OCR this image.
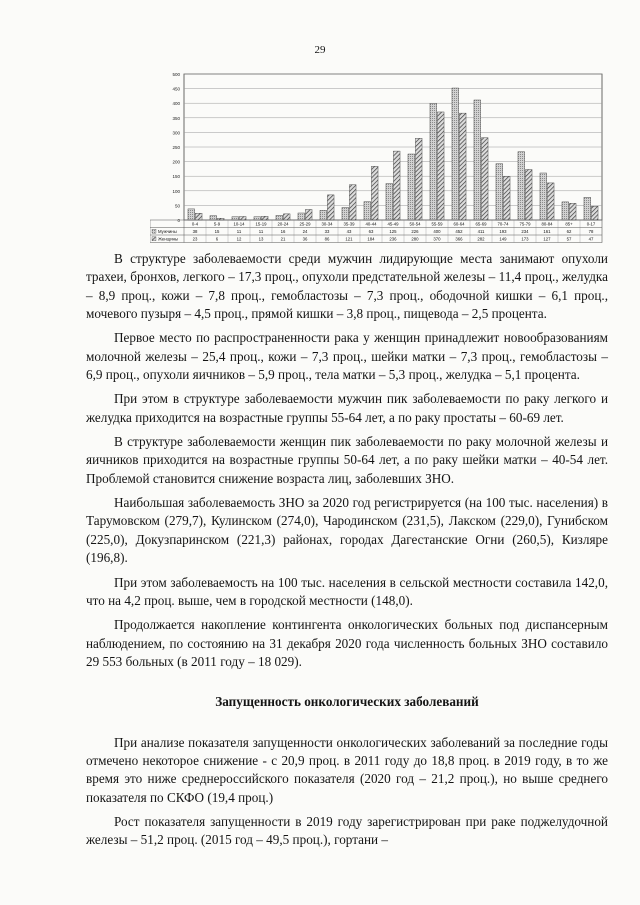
29
500
450
400
350
300
250
200
150
100
50
0
0-4
38
23
5-9
15
6
10-14
11
12
15-19
11
13
20-24
16
21
25-29
24
36
30-34
33
86
35-39
43
121
40-44
63
184
45-49
125
236
50-54
226
280
55-59
400
370
60-64
452
366
65-69
411
282
70-74
193
149
75-79
234
173
80-84
161
127
85+
62
57
0-17
78
47
Мужчины
Женщины

В структуре заболеваемости среди мужчин лидирующие места занимают опухоли трахеи, бронхов, легкого – 17,3 проц., опухоли предстательной железы – 11,4 проц., желудка – 8,9 проц., кожи – 7,8 проц., гемобластозы – 7,3 проц., ободочной кишки – 6,1 проц., мочевого пузыря – 4,5 проц., прямой кишки – 3,8 проц., пищевода – 2,5 процента.

Первое место по распространенности рака у женщин принадлежит новообразованиям молочной железы – 25,4 проц., кожи – 7,3 проц., шейки матки – 7,3 проц., гемобластозы – 6,9 проц., опухоли яичников – 5,9 проц., тела матки – 5,3 проц., желудка – 5,1 процента.

При этом в структуре заболеваемости мужчин пик заболеваемости по раку легкого и желудка приходится на возрастные группы 55-64 лет, а по раку простаты – 60-69 лет.

В структуре заболеваемости женщин пик заболеваемости по раку молочной железы и яичников приходится на возрастные группы 50-64 лет, а по раку шейки матки – 40-54 лет. Проблемой становится снижение возраста лиц, заболевших ЗНО.

Наибольшая заболеваемость ЗНО за 2020 год регистрируется (на 100 тыс. населения) в Тарумовском (279,7), Кулинском (274,0), Чародинском (231,5), Лакском (229,0), Гунибском (225,0), Докузпаринском (221,3) районах, городах Дагестанские Огни (260,5), Кизляре (196,8).

При этом заболеваемость на 100 тыс. населения в сельской местности составила 142,0, что на 4,2 проц. выше, чем в городской местности (148,0).

Продолжается накопление контингента онкологических больных под диспансерным наблюдением, по состоянию на 31 декабря 2020 года численность больных ЗНО составило 29 553 больных (в 2011 году – 18 029).

Запущенность онкологических заболеваний

При анализе показателя запущенности онкологических заболеваний за последние годы отмечено некоторое снижение - с 20,9 проц. в 2011 году до 18,8 проц. в 2019 году, в то же время это ниже среднероссийского показателя (2020 год – 21,2 проц.), но выше среднего показателя по СКФО (19,4 проц.)

Рост показателя запущенности в 2019 году зарегистрирован при раке поджелудочной железы – 51,2 проц. (2015 год – 49,5 проц.), гортани –
